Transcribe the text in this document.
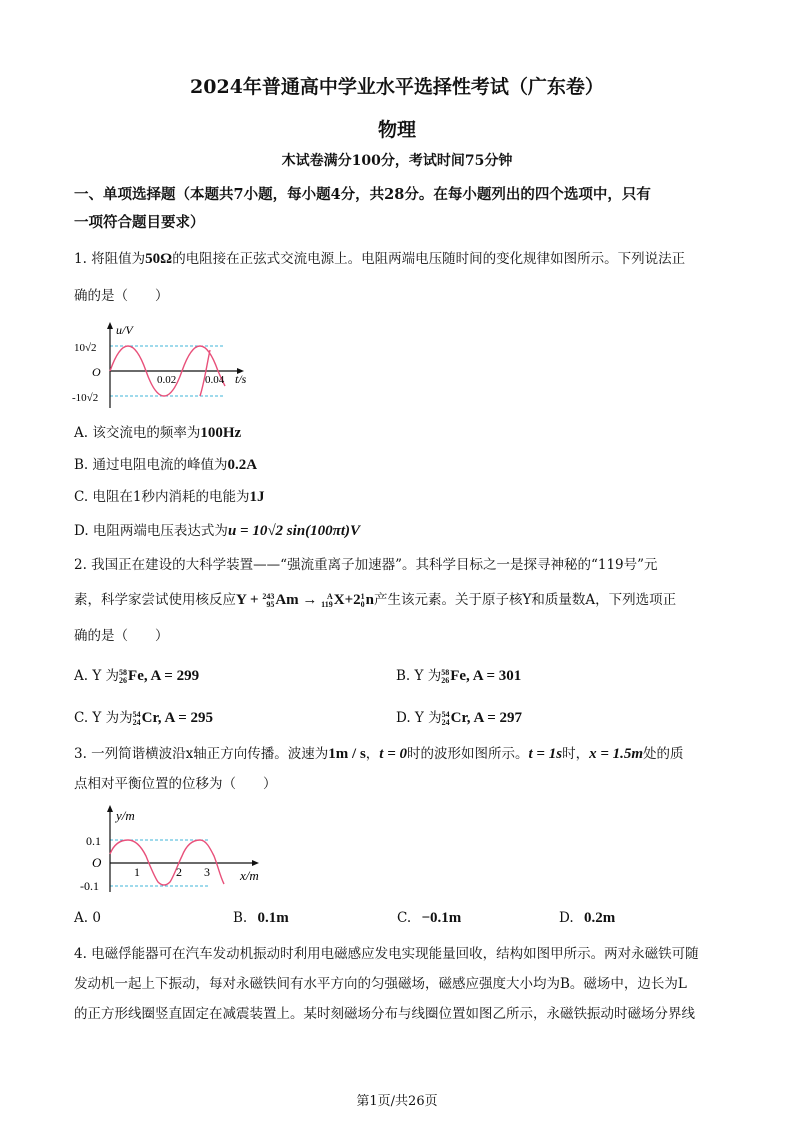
2024年普通高中学业水平选择性考试（广东卷）
物理
木试卷满分100分，考试时间75分钟
一、单项选择题（本题共7小题，每小题4分，共28分。在每小题列出的四个选项中，只有
一项符合题目要求）
1. 将阻值为50Ω的电阻接在正弦式交流电源上。电阻两端电压随时间的变化规律如图所示。下列说法正
确的是（　　）
u/V
10√2
O
-10√2
0.02	0.04 t/s
A. 该交流电的频率为100Hz
B. 通过电阻电流的峰值为0.2A
C. 电阻在1秒内消耗的电能为1J
D. 电阻两端电压表达式为u = 10√2 sin(100πt)V
2. 我国正在建设的大科学装置——“强流重离子加速器”。其科学目标之一是探寻神秘的“119号”元
素，科学家尝试使用核反应Y + 243
95 Am →	A
119 X+2 1
0 n产生该元素。关于原子核Y和质量数A，下列选项正
确的是（　　）
A. Y 为 58
26 Fe, A = 299	B. Y 为 58
26 Fe, A = 301
C. Y 为为 54
24 Cr, A = 295	D. Y 为 54
24 Cr, A = 297
3. 一列简谐横波沿x轴正方向传播。波速为1m / s，t = 0时的波形如图所示。t = 1s时，x = 1.5m处的质
点相对平衡位置的位移为（　　）
y/m
0.1
O
-0.1
1	2 3 x/m
A. 0	B. 0.1m	C. −0.1m	D. 0.2m
4. 电磁俘能器可在汽车发动机振动时利用电磁感应发电实现能量回收，结构如图甲所示。两对永磁铁可随
发动机一起上下振动，每对永磁铁间有水平方向的匀强磁场，磁感应强度大小均为B。磁场中，边长为L
的正方形线圈竖直固定在减震装置上。某时刻磁场分布与线圈位置如图乙所示，永磁铁振动时磁场分界线
第1页/共26页
